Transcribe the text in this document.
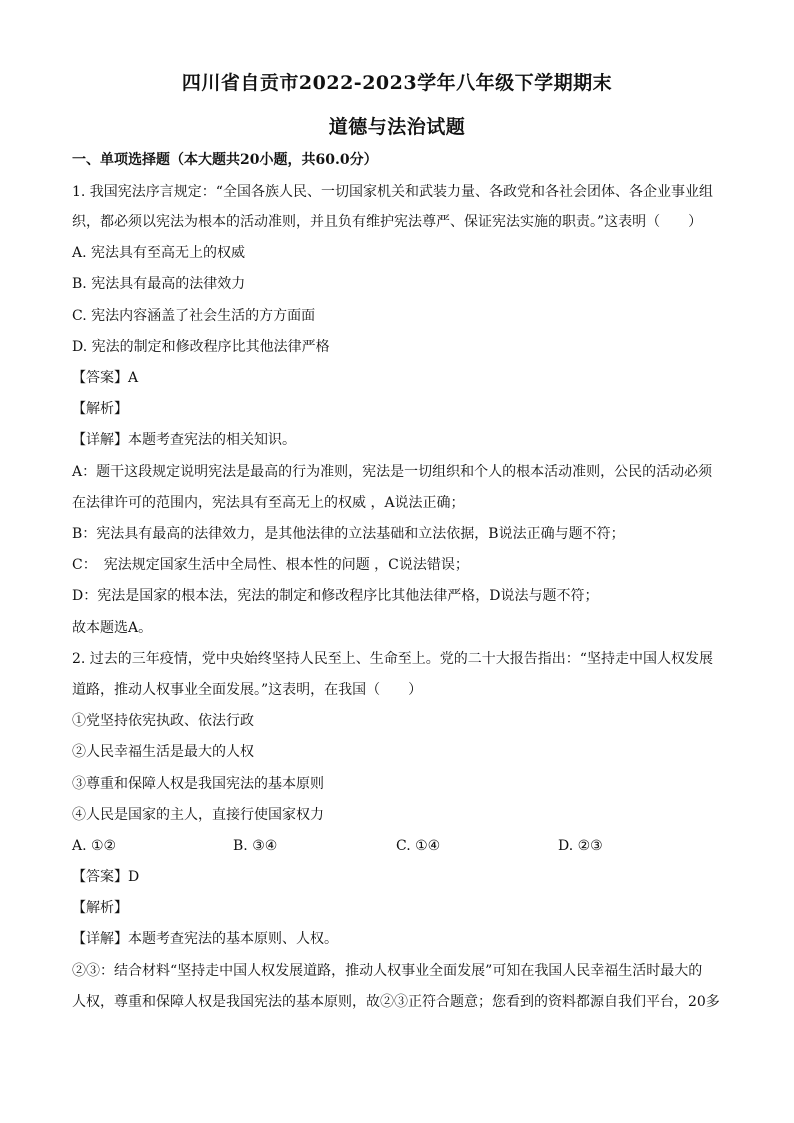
四川省自贡市2022-2023学年八年级下学期期末
道德与法治试题
一、单项选择题（本大题共20小题，共60.0分）
1. 我国宪法序言规定：“全国各族人民、一切国家机关和武装力量、各政党和各社会团体、各企业事业组
织，都必须以宪法为根本的活动准则，并且负有维护宪法尊严、保证宪法实施的职责。”这表明（　　）
A. 宪法具有至高无上的权威
B. 宪法具有最高的法律效力
C. 宪法内容涵盖了社会生活的方方面面
D. 宪法的制定和修改程序比其他法律严格
【答案】A
【解析】
【详解】本题考查宪法的相关知识。
A：题干这段规定说明宪法是最高的行为准则，宪法是一切组织和个人的根本活动准则，公民的活动必须
在法律许可的范围内，宪法具有至高无上的权威 ，A说法正确；
B：宪法具有最高的法律效力，是其他法律的立法基础和立法依据，B说法正确与题不符；
C：　宪法规定国家生活中全局性、根本性的问题 ，C说法错误；
D：宪法是国家的根本法，宪法的制定和修改程序比其他法律严格，D说法与题不符；
故本题选A。
2. 过去的三年疫情，党中央始终坚持人民至上、生命至上。党的二十大报告指出：“坚持走中国人权发展
道路，推动人权事业全面发展。”这表明，在我国（　　）
①党坚持依宪执政、依法行政
②人民幸福生活是最大的人权
③尊重和保障人权是我国宪法的基本原则
④人民是国家的主人，直接行使国家权力
A. ①②	B. ③④	C. ①④	D. ②③
【答案】D
【解析】
【详解】本题考查宪法的基本原则、人权。
②③：结合材料“坚持走中国人权发展道路，推动人权事业全面发展”可知在我国人民幸福生活时最大的
人权，尊重和保障人权是我国宪法的基本原则，故②③正符合题意；您看到的资料都源自我们平台，20多
